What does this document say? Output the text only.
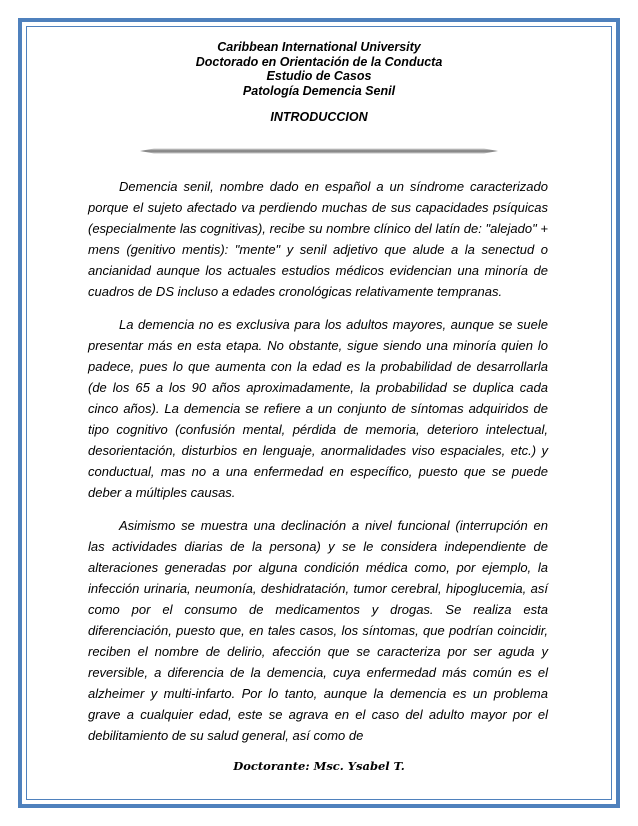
Caribbean International University
Doctorado en Orientación de la Conducta
Estudio de Casos
Patología Demencia Senil
INTRODUCCION

Demencia senil, nombre dado en español a un síndrome caracterizado porque el sujeto afectado va perdiendo muchas de sus capacidades psíquicas (especialmente las cognitivas), recibe su nombre clínico del latín de: "alejado" + mens (genitivo mentis): "mente" y senil adjetivo que alude a la senectud o ancianidad aunque los actuales estudios médicos evidencian una minoría de cuadros de DS incluso a edades cronológicas relativamente tempranas.

La demencia no es exclusiva para los adultos mayores, aunque se suele presentar más en esta etapa. No obstante, sigue siendo una minoría quien lo padece, pues lo que aumenta con la edad es la probabilidad de desarrollarla (de los 65 a los 90 años aproximadamente, la probabilidad se duplica cada cinco años). La demencia se refiere a un conjunto de síntomas adquiridos de tipo cognitivo (confusión mental, pérdida de memoria, deterioro intelectual, desorientación, disturbios en lenguaje, anormalidades viso espaciales, etc.) y conductual, mas no a una enfermedad en específico, puesto que se puede deber a múltiples causas.

Asimismo se muestra una declinación a nivel funcional (interrupción en las actividades diarias de la persona) y se le considera independiente de alteraciones generadas por alguna condición médica como, por ejemplo, la infección urinaria, neumonía, deshidratación, tumor cerebral, hipoglucemia, así como por el consumo de medicamentos y drogas. Se realiza esta diferenciación, puesto que, en tales casos, los síntomas, que podrían coincidir, reciben el nombre de delirio, afección que se caracteriza por ser aguda y reversible, a diferencia de la demencia, cuya enfermedad más común es el alzheimer y multi-infarto. Por lo tanto, aunque la demencia es un problema grave a cualquier edad, este se agrava en el caso del adulto mayor por el debilitamiento de su salud general, así como de

Doctorante: Msc. Ysabel T.
